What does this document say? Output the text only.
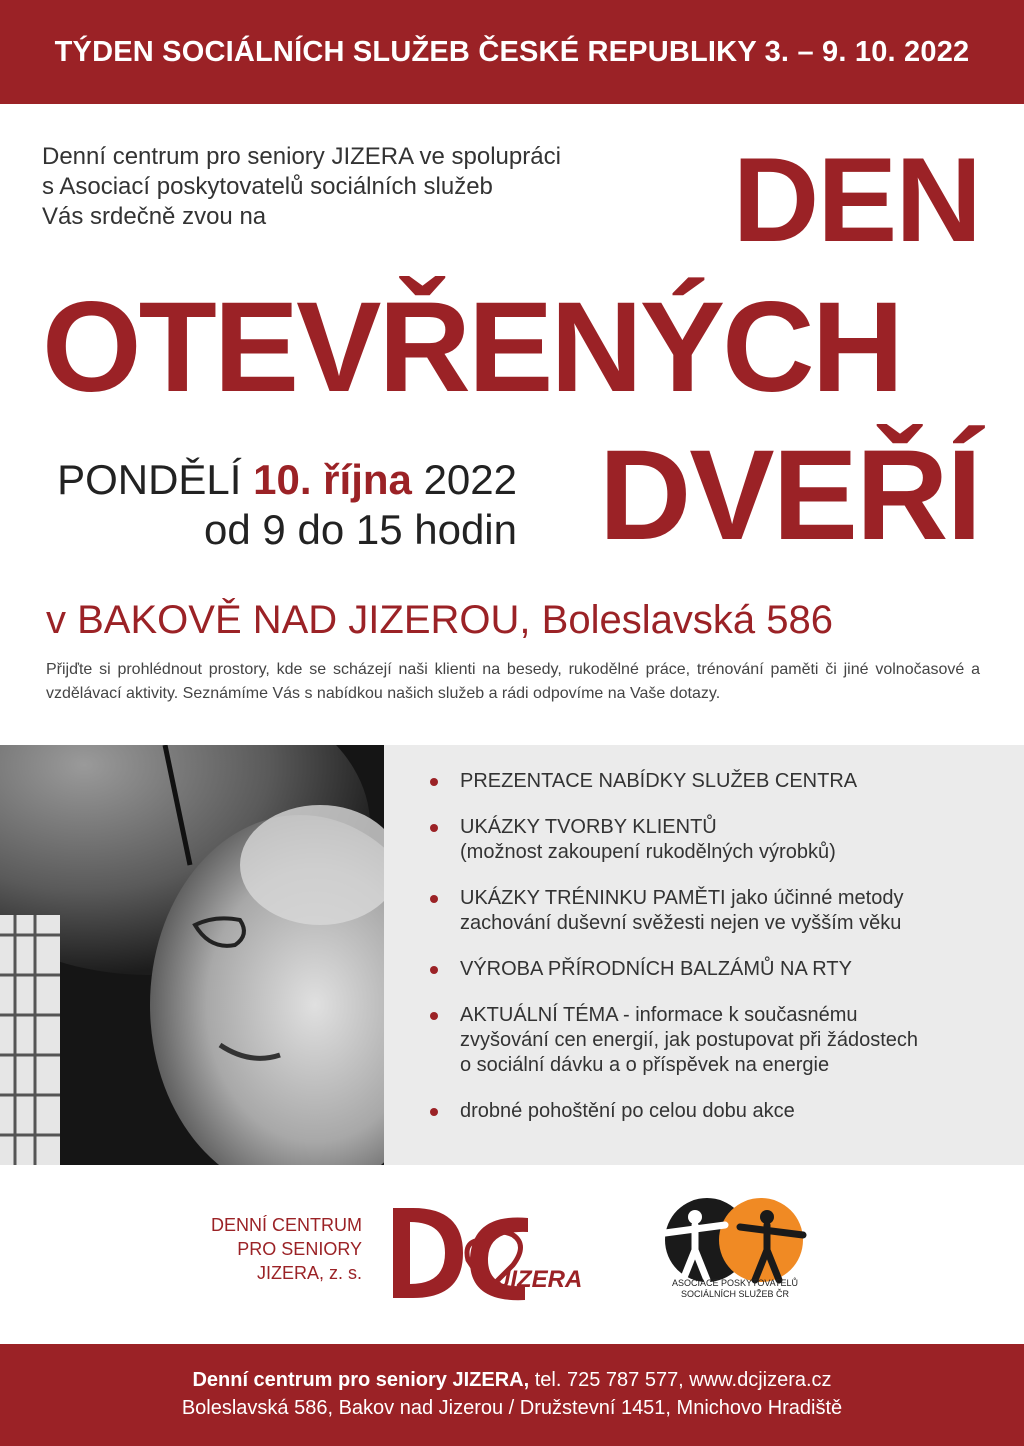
TÝDEN SOCIÁLNÍCH SLUŽEB ČESKÉ REPUBLIKY 3. – 9. 10. 2022
Denní centrum pro seniory JIZERA ve spolupráci
s Asociací poskytovatelů sociálních služeb
Vás srdečně zvou na	DEN
OTEVŘENÝCH
DVEŘÍ
PONDĚLÍ 10. října 2022
od 9 do 15 hodin
v BAKOVĚ NAD JIZEROU, Boleslavská 586
Přijďte si prohlédnout prostory, kde se scházejí naši klienti na besedy, rukodělné práce, trénování paměti či jiné volnočasové a vzdělávací aktivity. Seznámíme Vás s nabídkou našich služeb a rádi odpovíme na Vaše dotazy.
PREZENTACE NABÍDKY SLUŽEB CENTRA
UKÁZKY TVORBY KLIENTŮ
(možnost zakoupení rukodělných výrobků)
UKÁZKY TRÉNINKU PAMĚTI jako účinné metody
zachování duševní svěžesti nejen ve vyšším věku
VÝROBA PŘÍRODNÍCH BALZÁMŮ NA RTY
AKTUÁLNÍ TÉMA - informace k současnému
zvyšování cen energií, jak postupovat při žádostech
o sociální dávku a o příspěvek na energie
drobné pohoštění po celou dobu akce
DENNÍ CENTRUM
PRO SENIORY
JIZERA, z. s.	JIZERA	ASOCIACE POSKYTOVATELŮ
SOCIÁLNÍCH SLUŽEB ČR
Denní centrum pro seniory JIZERA, tel. 725 787 577, www.dcjizera.cz
Boleslavská 586, Bakov nad Jizerou / Družstevní 1451, Mnichovo Hradiště
